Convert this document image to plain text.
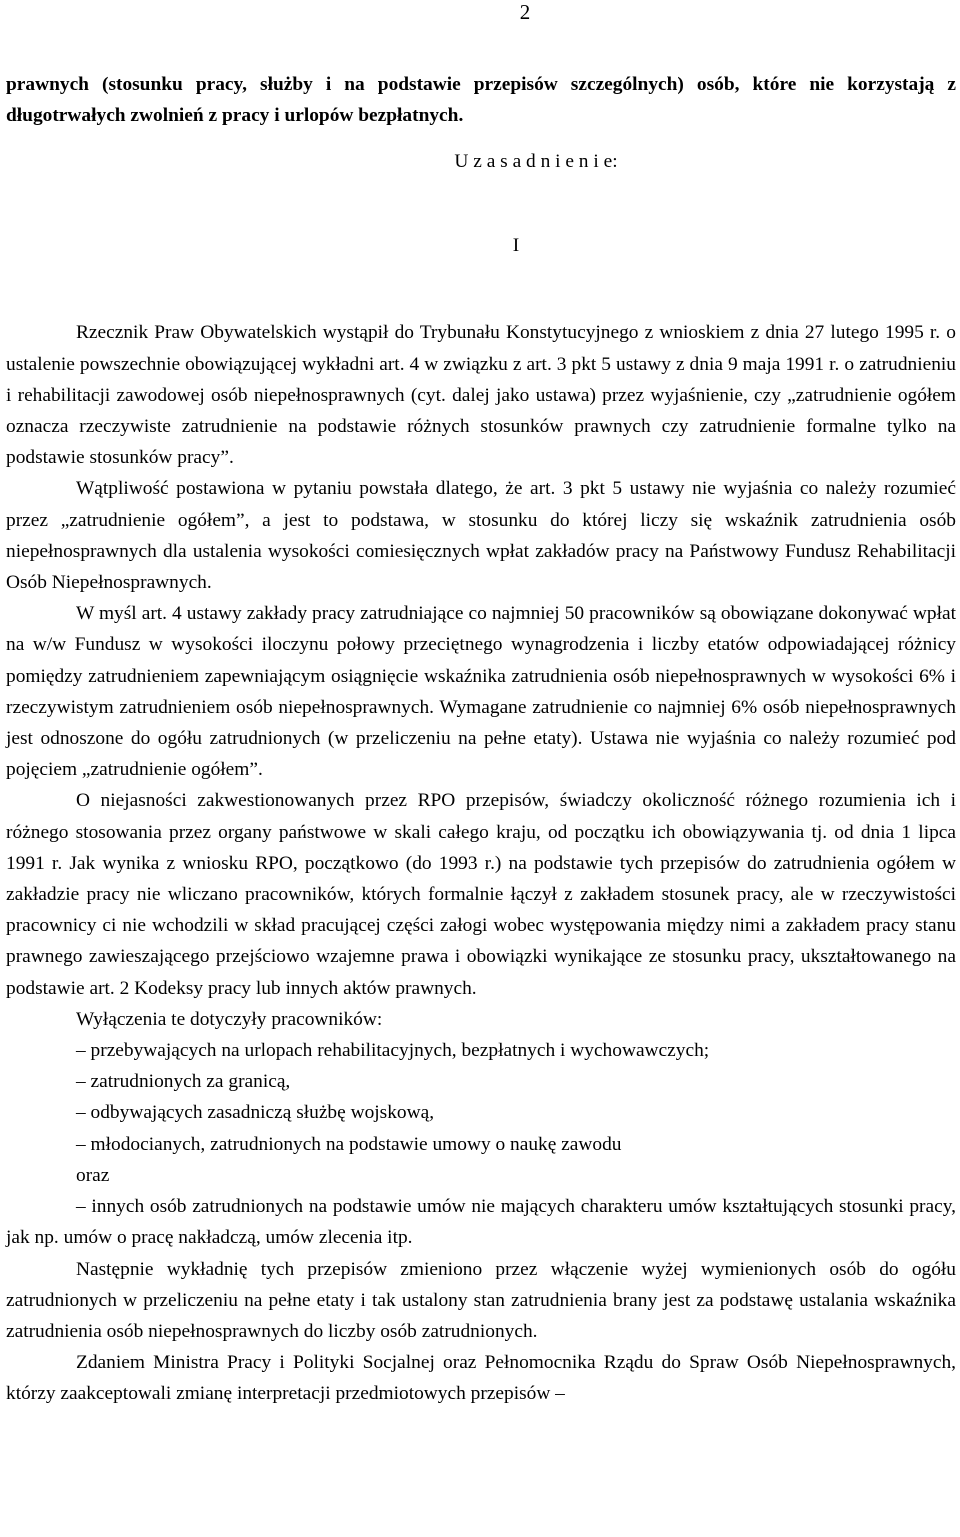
2

prawnych (stosunku pracy, służby i na podstawie przepisów szczególnych) osób, które nie korzystają z długotrwałych zwolnień z pracy i urlopów bezpłatnych.

U z a s a d n i e n i e:
I

Rzecznik Praw Obywatelskich wystąpił do Trybunału Konstytucyjnego z wnioskiem z dnia 27 lutego 1995 r. o ustalenie powszechnie obowiązującej wykładni art. 4 w związku z art. 3 pkt 5 ustawy z dnia 9 maja 1991 r. o zatrudnieniu i rehabilitacji zawodowej osób niepełnosprawnych (cyt. dalej jako ustawa) przez wyjaśnienie, czy „zatrudnienie ogółem oznacza rzeczywiste zatrudnienie na podstawie różnych stosunków prawnych czy zatrudnienie formalne tylko na podstawie stosunków pracy”.

Wątpliwość postawiona w pytaniu powstała dlatego, że art. 3 pkt 5 ustawy nie wyjaśnia co należy rozumieć przez „zatrudnienie ogółem”, a jest to podstawa, w stosunku do której liczy się wskaźnik zatrudnienia osób niepełnosprawnych dla ustalenia wysokości comiesięcznych wpłat zakładów pracy na Państwowy Fundusz Rehabilitacji Osób Niepełnosprawnych.

W myśl art. 4 ustawy zakłady pracy zatrudniające co najmniej 50 pracowników są obowiązane dokonywać wpłat na w/w Fundusz w wysokości iloczynu połowy przeciętnego wynagrodzenia i liczby etatów odpowiadającej różnicy pomiędzy zatrudnieniem zapewniającym osiągnięcie wskaźnika zatrudnienia osób niepełnosprawnych w wysokości 6% i rzeczywistym zatrudnieniem osób niepełnosprawnych. Wymagane zatrudnienie co najmniej 6% osób niepełnosprawnych jest odnoszone do ogółu zatrudnionych (w przeliczeniu na pełne etaty). Ustawa nie wyjaśnia co należy rozumieć pod pojęciem „zatrudnienie ogółem”.

O niejasności zakwestionowanych przez RPO przepisów, świadczy okoliczność różnego rozumienia ich i różnego stosowania przez organy państwowe w skali całego kraju, od początku ich obowiązywania tj. od dnia 1 lipca 1991 r. Jak wynika z wniosku RPO, początkowo (do 1993 r.) na podstawie tych przepisów do zatrudnienia ogółem w zakładzie pracy nie wliczano pracowników, których formalnie łączył z zakładem stosunek pracy, ale w rzeczywistości pracownicy ci nie wchodzili w skład pracującej części załogi wobec występowania między nimi a zakładem pracy stanu prawnego zawieszającego przejściowo wzajemne prawa i obowiązki wynikające ze stosunku pracy, ukształtowanego na podstawie art. 2 Kodeksy pracy lub innych aktów prawnych.

Wyłączenia te dotyczyły pracowników:

– przebywających na urlopach rehabilitacyjnych, bezpłatnych i wychowawczych;

– zatrudnionych za granicą,

– odbywających zasadniczą służbę wojskową,

– młodocianych, zatrudnionych na podstawie umowy o naukę zawodu

oraz

– innych osób zatrudnionych na podstawie umów nie mających charakteru umów kształtujących stosunki pracy, jak np. umów o pracę nakładczą, umów zlecenia itp.

Następnie wykładnię tych przepisów zmieniono przez włączenie wyżej wymienionych osób do ogółu zatrudnionych w przeliczeniu na pełne etaty i tak ustalony stan zatrudnienia brany jest za podstawę ustalania wskaźnika zatrudnienia osób niepełnosprawnych do liczby osób zatrudnionych.

Zdaniem Ministra Pracy i Polityki Socjalnej oraz Pełnomocnika Rządu do Spraw Osób Niepełnosprawnych, którzy zaakceptowali zmianę interpretacji przedmiotowych przepisów –
